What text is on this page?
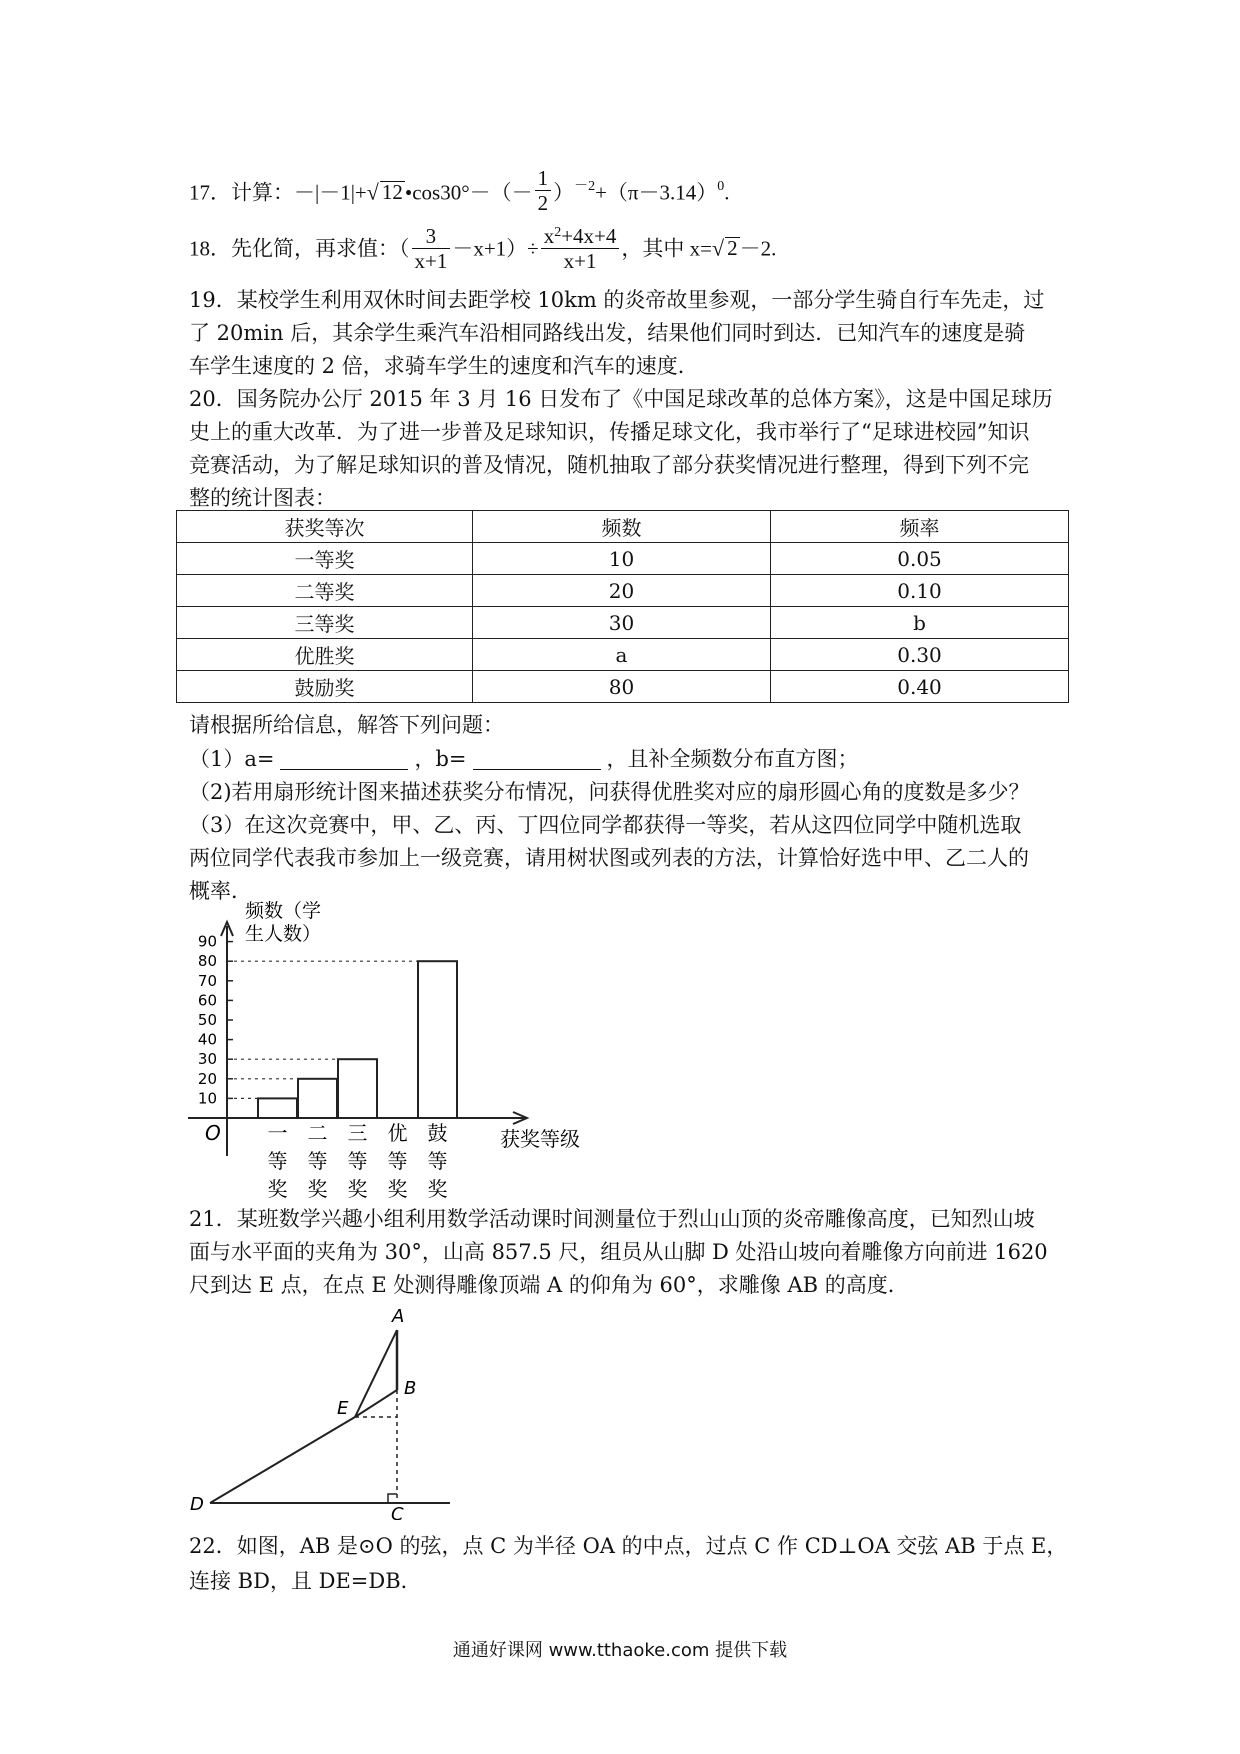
17．计算：－|－1|+√ 12•cos30°－（－ $\frac{1}{2} )^{-2}+(\pi-3.14)^0$.
18．先化简，再求值：（ $\frac{3}{x+1} -x+1)\div \frac{x^2+4x+4}{x+1}$ ，其中 x=√ 2－2.
19．某校学生利用双休时间去距学校 10km 的炎帝故里参观，一部分学生骑自行车先走，过
了 20min 后，其余学生乘汽车沿相同路线出发，结果他们同时到达．已知汽车的速度是骑
车学生速度的 2 倍，求骑车学生的速度和汽车的速度．
20．国务院办公厅 2015 年 3 月 16 日发布了《中国足球改革的总体方案》，这是中国足球历
史上的重大改革．为了进一步普及足球知识，传播足球文化，我市举行了“足球进校园”知识
竞赛活动，为了解足球知识的普及情况，随机抽取了部分获奖情况进行整理，得到下列不完
整的统计图表：
获奖等次	频数	频率
一等奖	10	0.05
二等奖	20	0.10
三等奖	30	b
优胜奖	a	0.30
鼓励奖	80	0.40
请根据所给信息，解答下列问题：
（1）a=	，b=	，且补全频数分布直方图；
（2)若用扇形统计图来描述获奖分布情况，问获得优胜奖对应的扇形圆心角的度数是多少？
（3）在这次竞赛中，甲、乙、丙、丁四位同学都获得一等奖，若从这四位同学中随机选取
两位同学代表我市参加上一级竞赛，请用树状图或列表的方法，计算恰好选中甲、乙二人的
概率．
10
20
30
40
50
60
70
80
90
频数（学
生人数）
O	获奖等级
一
等
奖
二
等
奖
三
等
奖
优
等
奖
鼓
等
奖
21．某班数学兴趣小组利用数学活动课时间测量位于烈山山顶的炎帝雕像高度，已知烈山坡
面与水平面的夹角为 30°，山高 857.5 尺，组员从山脚 D 处沿山坡向着雕像方向前进 1620
尺到达 E 点，在点 E 处测得雕像顶端 A 的仰角为 60°，求雕像 AB 的高度．
A
B
E
D	C
22．如图，AB 是⊙O 的弦，点 C 为半径 OA 的中点，过点 C 作 CD⊥OA 交弦 AB 于点 E，
连接 BD，且 DE=DB．
通通好课网 www.tthaoke.com 提供下载
